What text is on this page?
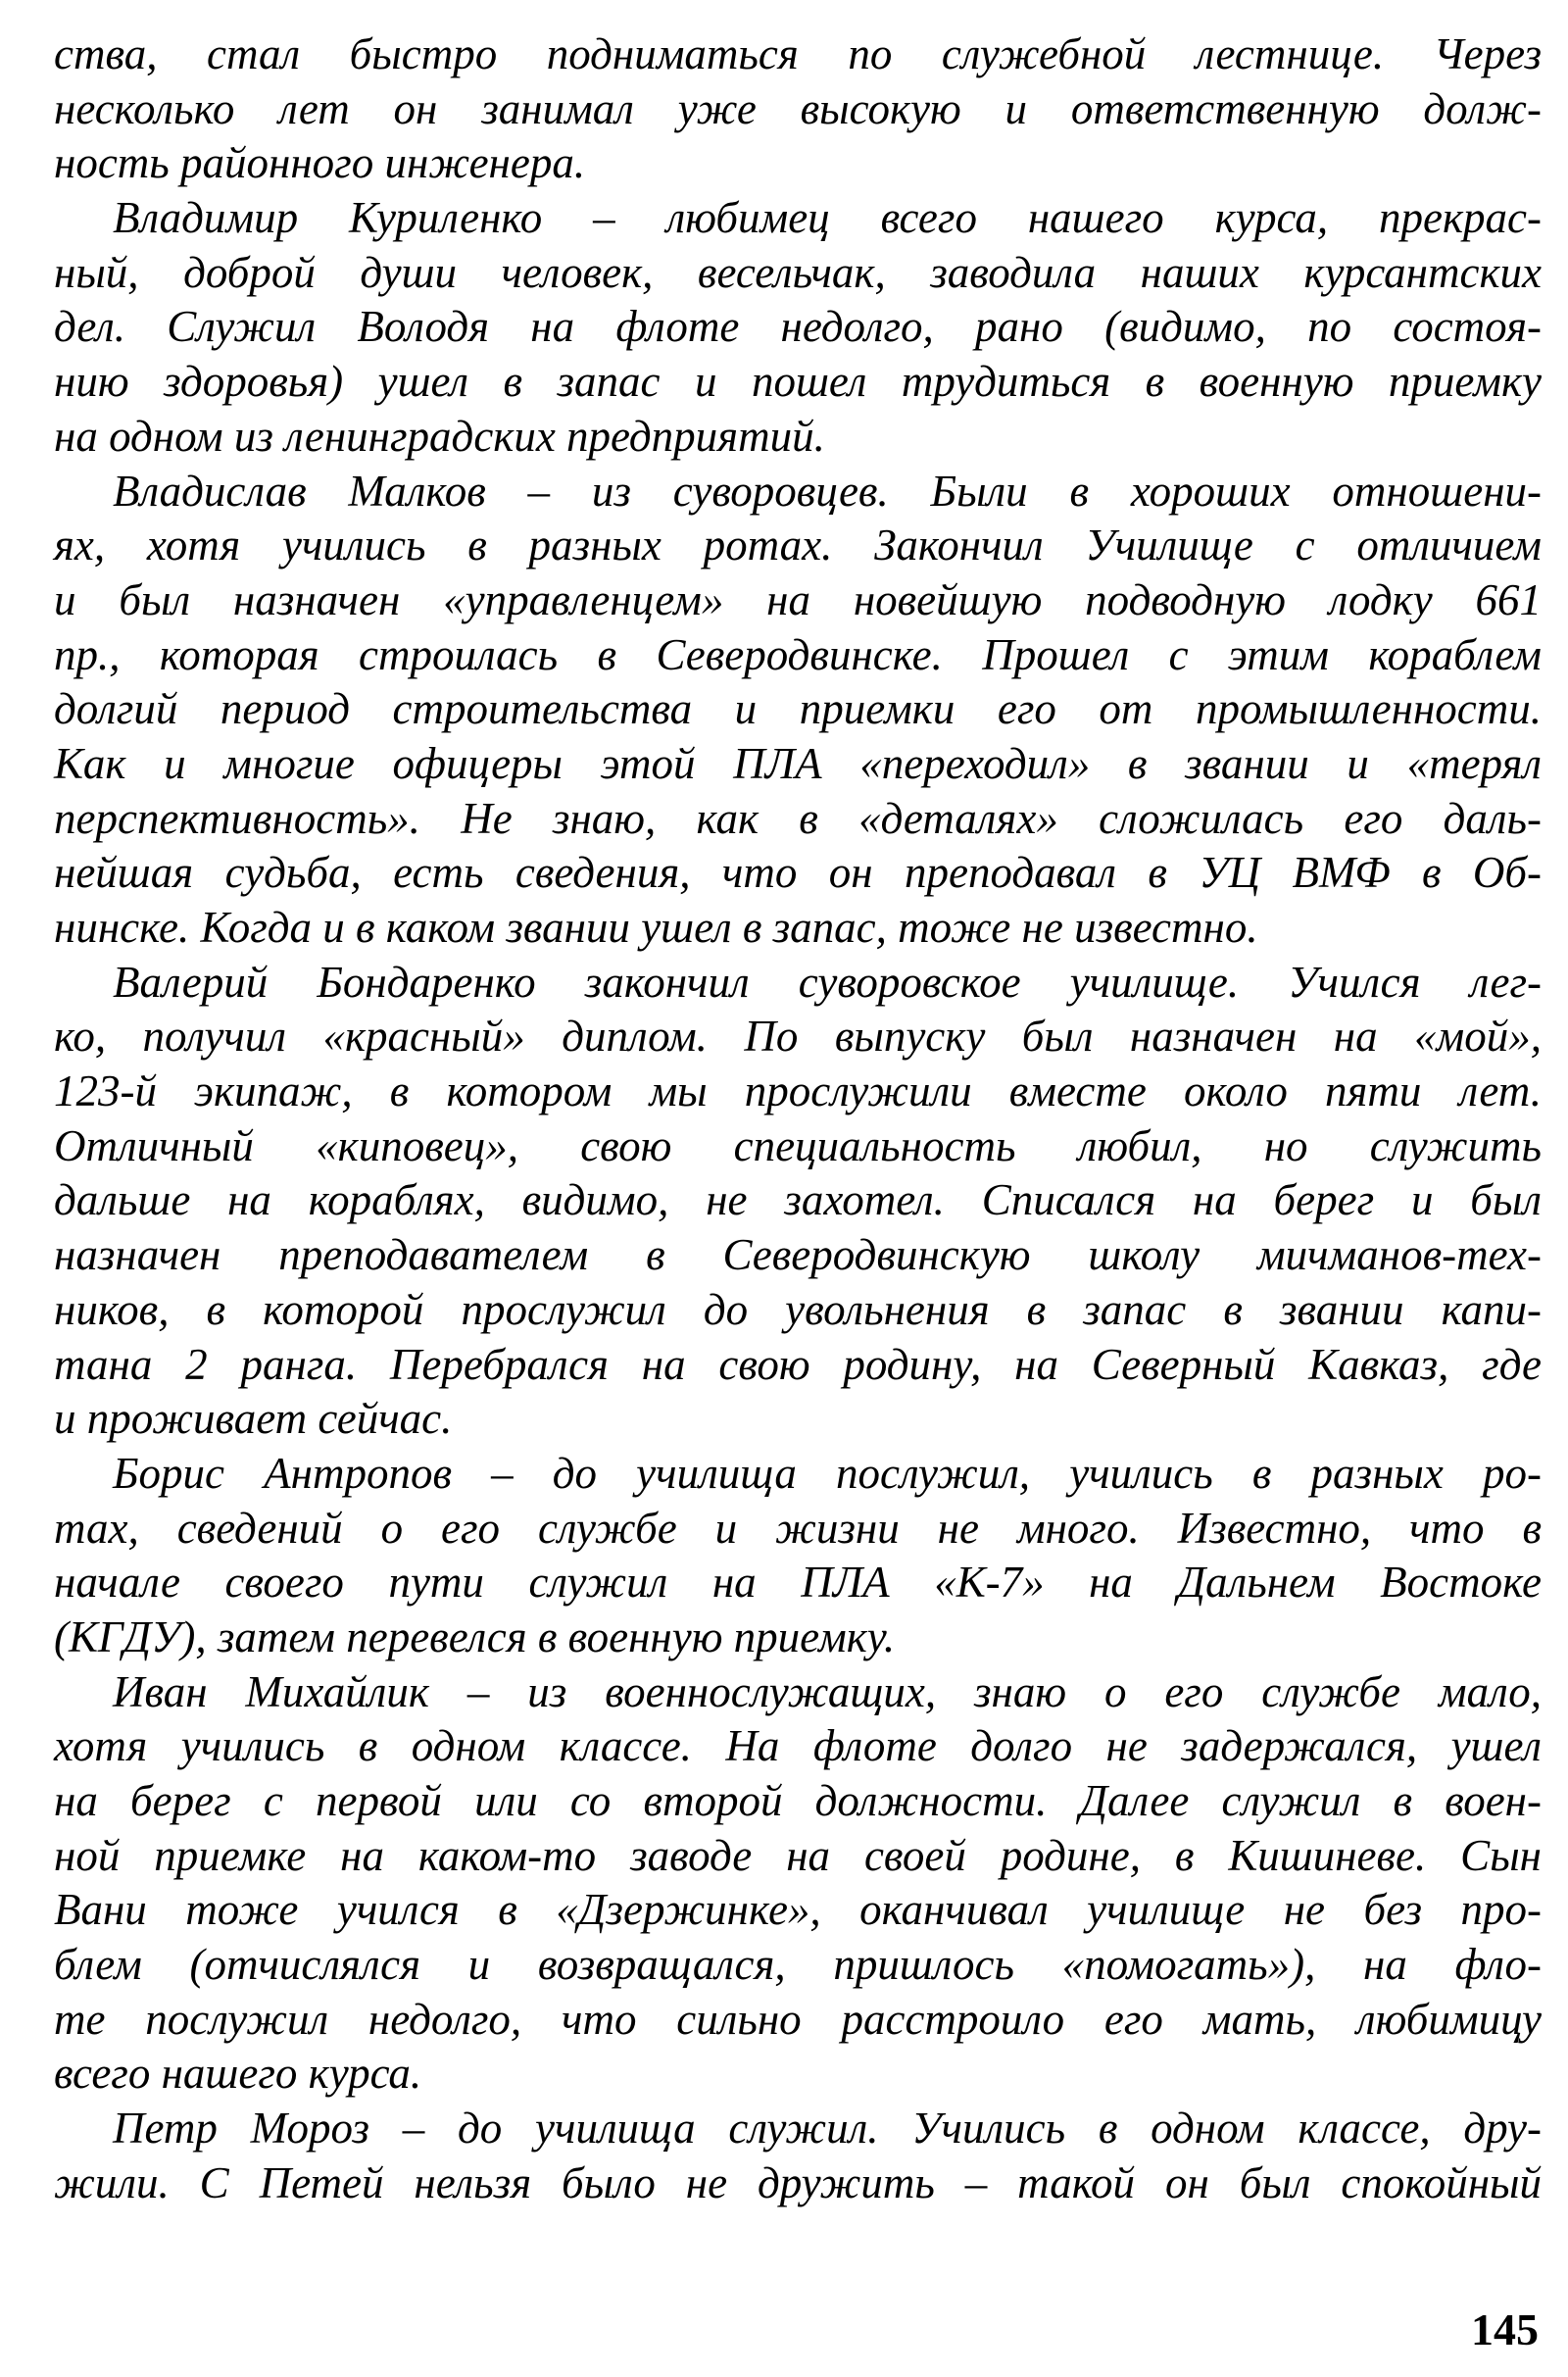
ства, стал быстро подниматься по служебной лестнице. Через
несколько лет он занимал уже высокую и ответственную долж-
ность районного инженера.
Владимир Куриленко – любимец всего нашего курса, прекрас-
ный, доброй души человек, весельчак, заводила наших курсантских
дел. Служил Володя на флоте недолго, рано (видимо, по состоя-
нию здоровья) ушел в запас и пошел трудиться в военную приемку
на одном из ленинградских предприятий.
Владислав Малков – из суворовцев. Были в хороших отношени-
ях, хотя учились в разных ротах. Закончил Училище с отличием
и был назначен «управленцем» на новейшую подводную лодку 661
пр., которая строилась в Северодвинске. Прошел с этим кораблем
долгий период строительства и приемки его от промышленности.
Как и многие офицеры этой ПЛА «переходил» в звании и «терял
перспективность». Не знаю, как в «деталях» сложилась его даль-
нейшая судьба, есть сведения, что он преподавал в УЦ ВМФ в Об-
нинске. Когда и в каком звании ушел в запас, тоже не известно.
Валерий Бондаренко закончил суворовское училище. Учился лег-
ко, получил «красный» диплом. По выпуску был назначен на «мой»,
123-й экипаж, в котором мы прослужили вместе около пяти лет.
Отличный «киповец», свою специальность любил, но служить
дальше на кораблях, видимо, не захотел. Списался на берег и был
назначен преподавателем в Северодвинскую школу мичманов-тех-
ников, в которой прослужил до увольнения в запас в звании капи-
тана 2 ранга. Перебрался на свою родину, на Северный Кавказ, где
и проживает сейчас.
Борис Антропов – до училища послужил, учились в разных ро-
тах, сведений о его службе и жизни не много. Известно, что в
начале своего пути служил на ПЛА «К-7» на Дальнем Востоке
(КГДУ), затем перевелся в военную приемку.
Иван Михайлик – из военнослужащих, знаю о его службе мало,
хотя учились в одном классе. На флоте долго не задержался, ушел
на берег с первой или со второй должности. Далее служил в воен-
ной приемке на каком-то заводе на своей родине, в Кишиневе. Сын
Вани тоже учился в «Дзержинке», оканчивал училище не без про-
блем (отчислялся и возвращался, пришлось «помогать»), на фло-
те послужил недолго, что сильно расстроило его мать, любимицу
всего нашего курса.
Петр Мороз – до училища служил. Учились в одном классе, дру-
жили. С Петей нельзя было не дружить – такой он был спокойный
145
